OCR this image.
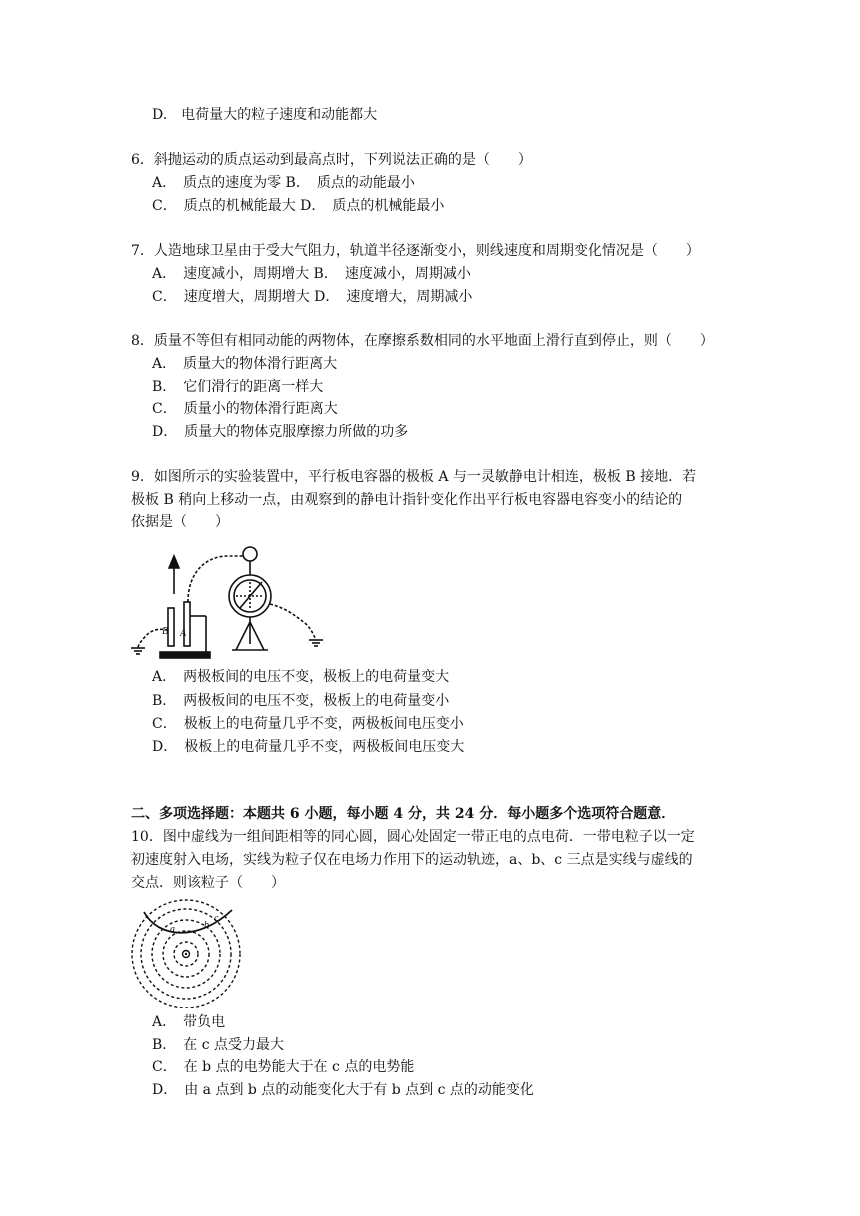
D.　电荷量大的粒子速度和动能都大
6．斜抛运动的质点运动到最高点时，下列说法正确的是（　　）
A．　质点的速度为零 B．　质点的动能最小
C．　质点的机械能最大 D．　质点的机械能最小
7．人造地球卫星由于受大气阻力，轨道半径逐渐变小，则线速度和周期变化情况是（　　）
A．　速度减小，周期增大 B．　速度减小，周期减小
C．　速度增大，周期增大 D．　速度增大，周期减小
8．质量不等但有相同动能的两物体，在摩擦系数相同的水平地面上滑行直到停止，则（　　）
A．　质量大的物体滑行距离大
B．　它们滑行的距离一样大
C．　质量小的物体滑行距离大
D．　质量大的物体克服摩擦力所做的功多
9．如图所示的实验装置中，平行板电容器的极板 A 与一灵敏静电计相连，极板 B 接地．若
极板 B 稍向上移动一点，由观察到的静电计指针变化作出平行板电容器电容变小的结论的
依据是（　　）
B A
A．　两极板间的电压不变，极板上的电荷量变大
B．　两极板间的电压不变，极板上的电荷量变小
C．　极板上的电荷量几乎不变，两极板间电压变小
D．　极板上的电荷量几乎不变，两极板间电压变大
二、多项选择题：本题共 6 小题，每小题 4 分，共 24 分．每小题多个选项符合题意．
10．图中虚线为一组间距相等的同心圆，圆心处固定一带正电的点电荷．一带电粒子以一定
初速度射入电场，实线为粒子仅在电场力作用下的运动轨迹，a、b、c 三点是实线与虚线的
交点．则该粒子（　　）
a	b
c
A．　带负电
B．　在 c 点受力最大
C．　在 b 点的电势能大于在 c 点的电势能
D．　由 a 点到 b 点的动能变化大于有 b 点到 c 点的动能变化
